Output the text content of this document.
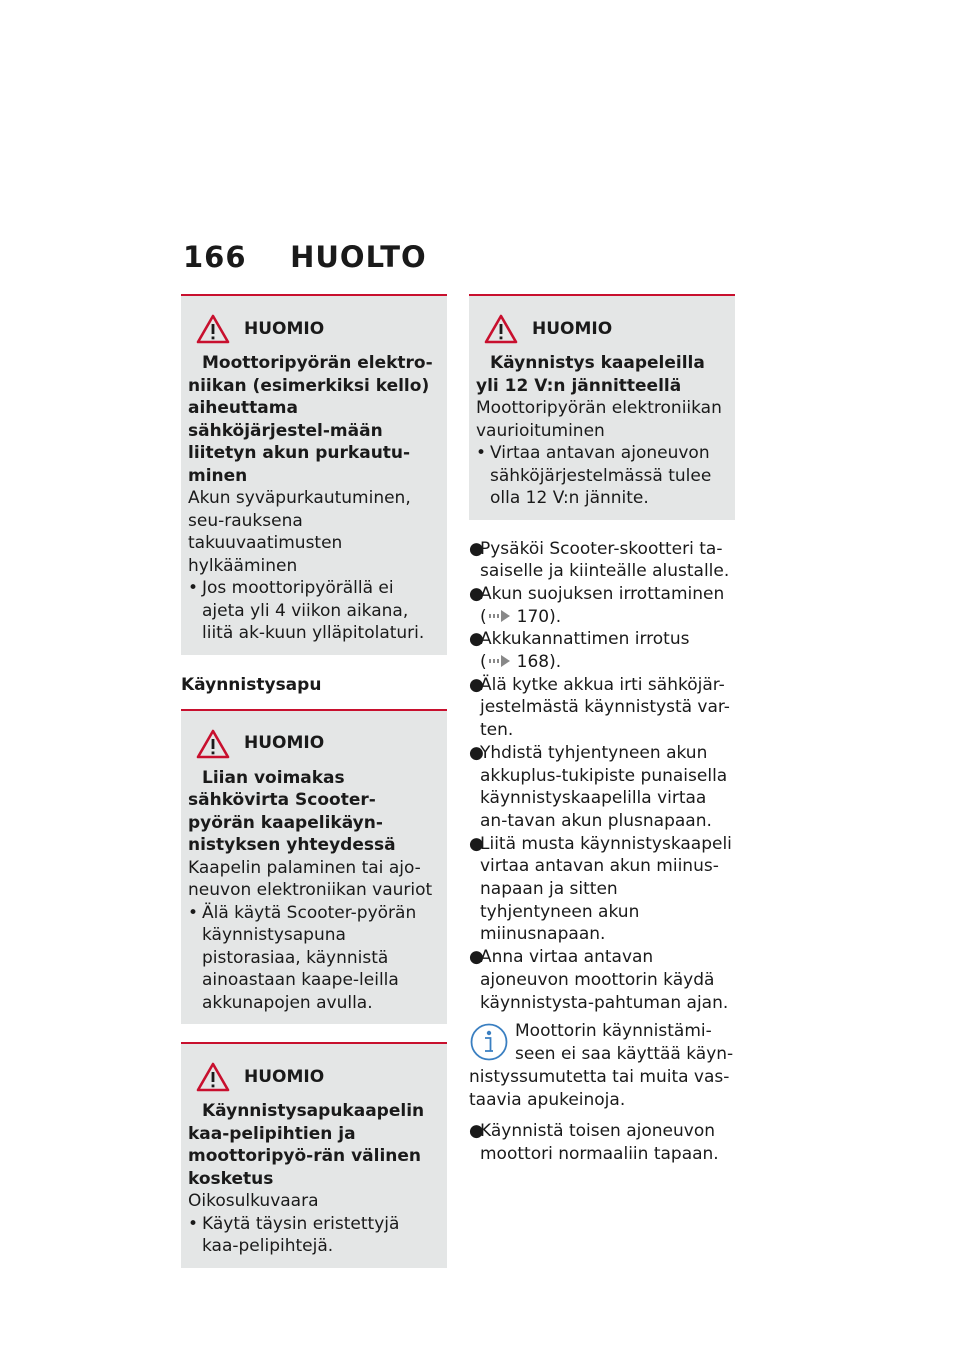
166 HUOLTO
HUOMIO
Moottoripyörän elektro-niikan (esimerkiksi kello) aiheuttama sähköjärjestel-mään liitetyn akun purkautu-minen
Akun syväpurkautuminen, seu-rauksena takuuvaatimusten hylkääminen
• Jos moottoripyörällä ei ajeta yli 4 viikon aikana, liitä ak-kuun ylläpitolaturi.
Käynnistysapu
HUOMIO
Liian voimakas sähkövirta Scooter-pyörän kaapelikäyn-nistyksen yhteydessä
Kaapelin palaminen tai ajo-neuvon elektroniikan vauriot
• Älä käytä Scooter-pyörän käynnistysapuna pistorasiaa, käynnistä ainoastaan kaape-leilla akkunapojen avulla.
HUOMIO
Käynnistysapukaapelin kaa-pelipihtien ja moottoripyö-rän välinen kosketus
Oikosulkuvaara
• Käytä täysin eristettyjä kaa-pelipihtejä.
HUOMIO
Käynnistys kaapeleilla yli 12 V:n jännitteellä
Moottoripyörän elektroniikan vaurioituminen
• Virtaa antavan ajoneuvon sähköjärjestelmässä tulee olla 12 V:n jännite.
●
Pysäköi Scooter-skootteri ta-saiselle ja kiinteälle alustalle.
●
Akun suojuksen irrottaminen
( 170).
●
Akkukannattimen irrotus
( 168).
●
Älä kytke akkua irti sähköjär-jestelmästä käynnistystä var-ten.
●
Yhdistä tyhjentyneen akun akkuplus-tukipiste punaisella käynnistyskaapelilla virtaa an-tavan akun plusnapaan.
●
Liitä musta käynnistyskaapeli virtaa antavan akun miinus-napaan ja sitten tyhjentyneen akun miinusnapaan.
●
Anna virtaa antavan ajoneuvon moottorin käydä käynnistysta-pahtuman ajan.
Moottorin käynnistämi-seen ei saa käyttää käyn-nistyssumutetta tai muita vas-taavia apukeinoja.
●
Käynnistä toisen ajoneuvon moottori normaaliin tapaan.
